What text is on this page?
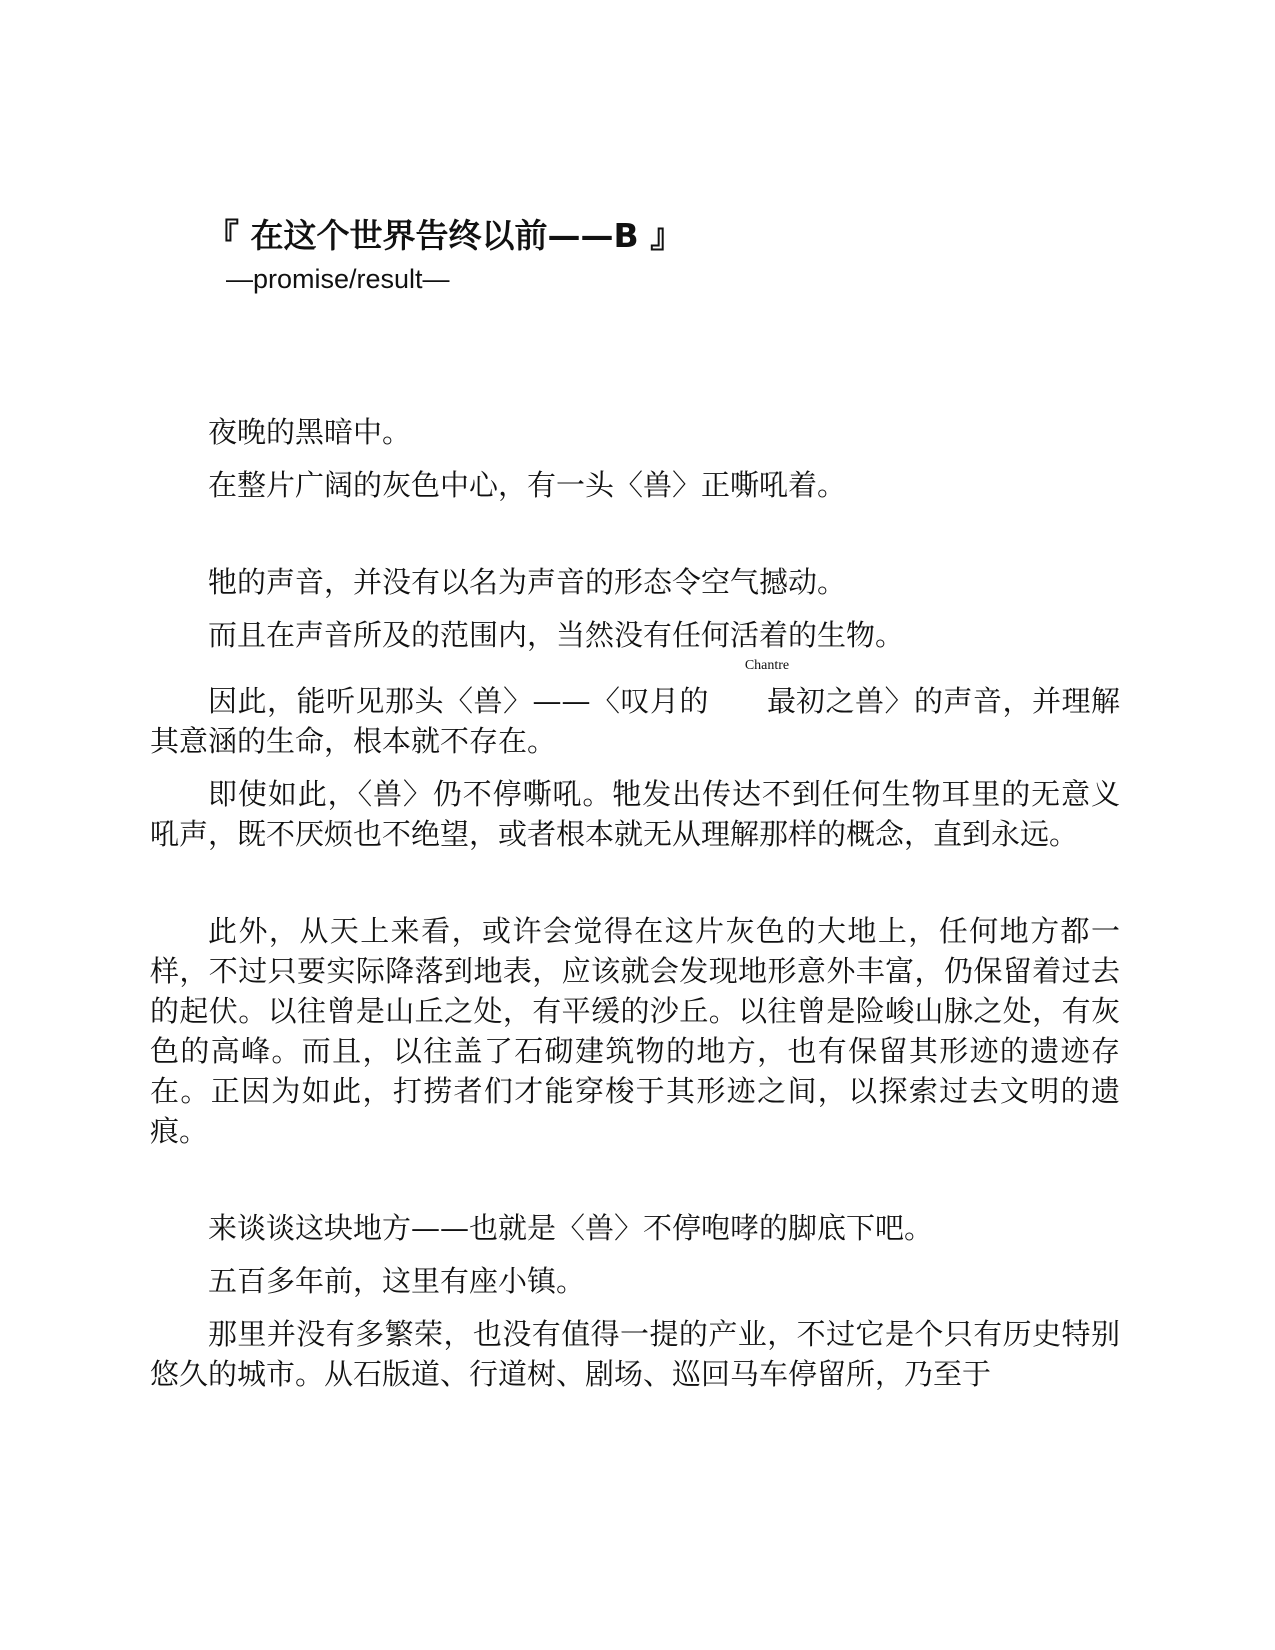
『 在这个世界告终以前——B 』
—promise/result—

夜晚的黑暗中。

在整片广阔的灰色中心，有一头〈兽〉正嘶吼着。

牠的声音，并没有以名为声音的形态令空气撼动。

而且在声音所及的范围内，当然没有任何活着的生物。

因此，能听见那头〈兽〉——〈叹月的
Chantre
最初之兽〉的声音，并理解其意涵的生命，根本就不存在。

即使如此，〈兽〉仍不停嘶吼。牠发出传达不到任何生物耳里的无意义吼声，既不厌烦也不绝望，或者根本就无从理解那样的概念，直到永远。

此外，从天上来看，或许会觉得在这片灰色的大地上，任何地方都一样，不过只要实际降落到地表，应该就会发现地形意外丰富，仍保留着过去的起伏。以往曾是山丘之处，有平缓的沙丘。以往曾是险峻山脉之处，有灰色的高峰。而且，以往盖了石砌建筑物的地方，也有保留其形迹的遗迹存在。正因为如此，打捞者们才能穿梭于其形迹之间，以探索过去文明的遗痕。

来谈谈这块地方——也就是〈兽〉不停咆哮的脚底下吧。

五百多年前，这里有座小镇。

那里并没有多繁荣，也没有值得一提的产业，不过它是个只有历史特别悠久的城市。从石版道、行道树、剧场、巡回马车停留所，乃至于
